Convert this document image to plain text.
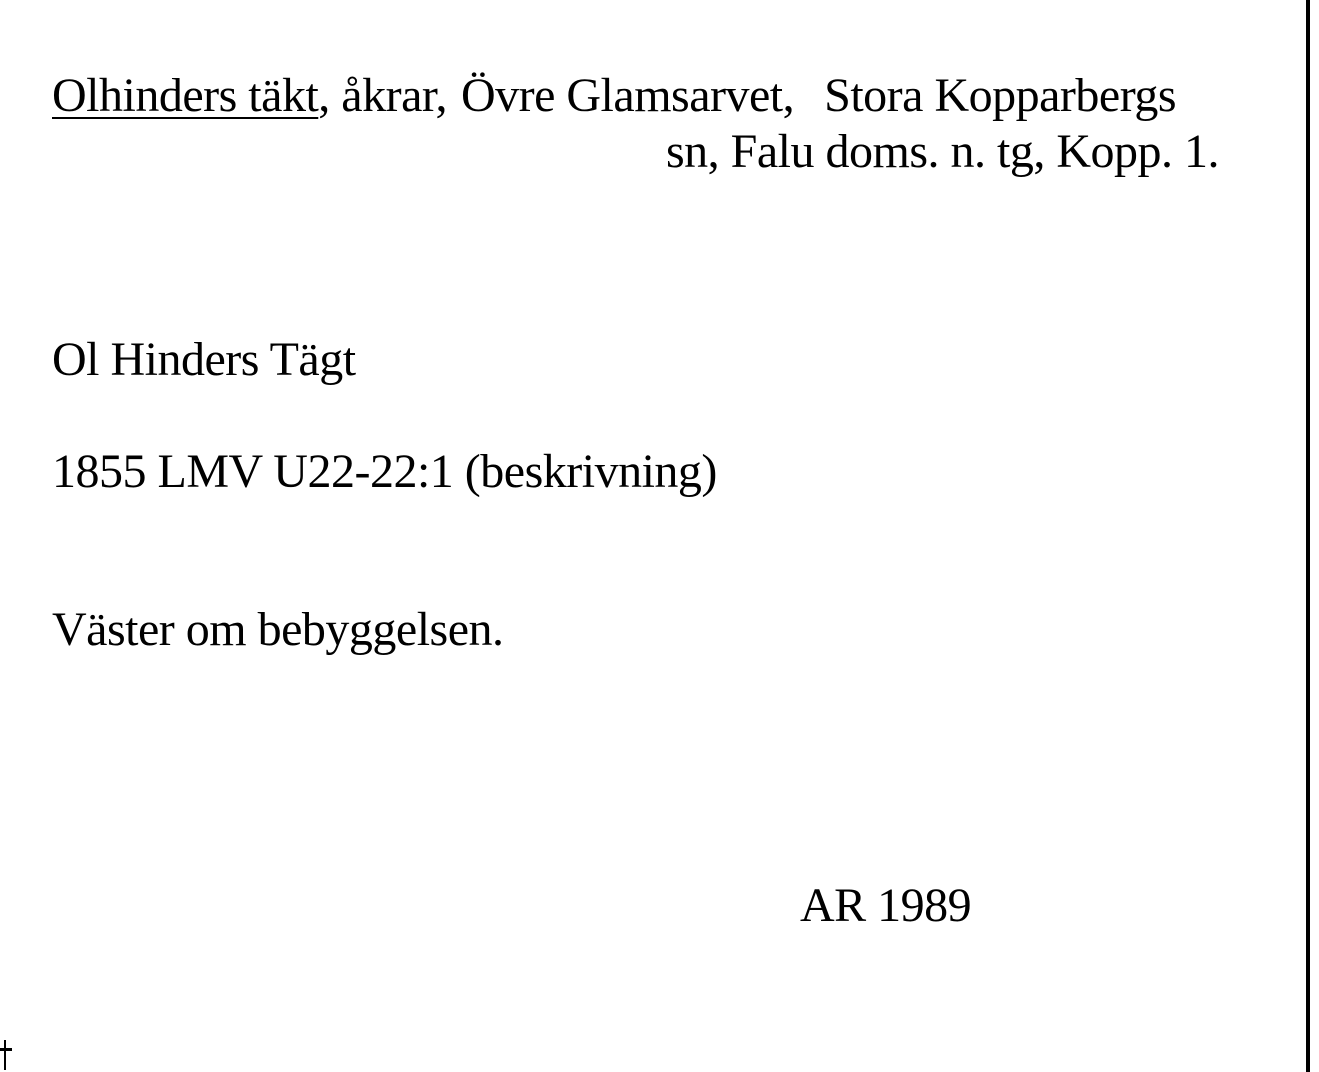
Olhinders täkt, åkrar, Övre Glamsarvet, Stora Kopparbergs
sn, Falu doms. n. tg, Kopp. 1.
Ol Hinders Tägt
1855 LMV U22-22:1 (beskrivning)
Väster om bebyggelsen.
AR 1989
